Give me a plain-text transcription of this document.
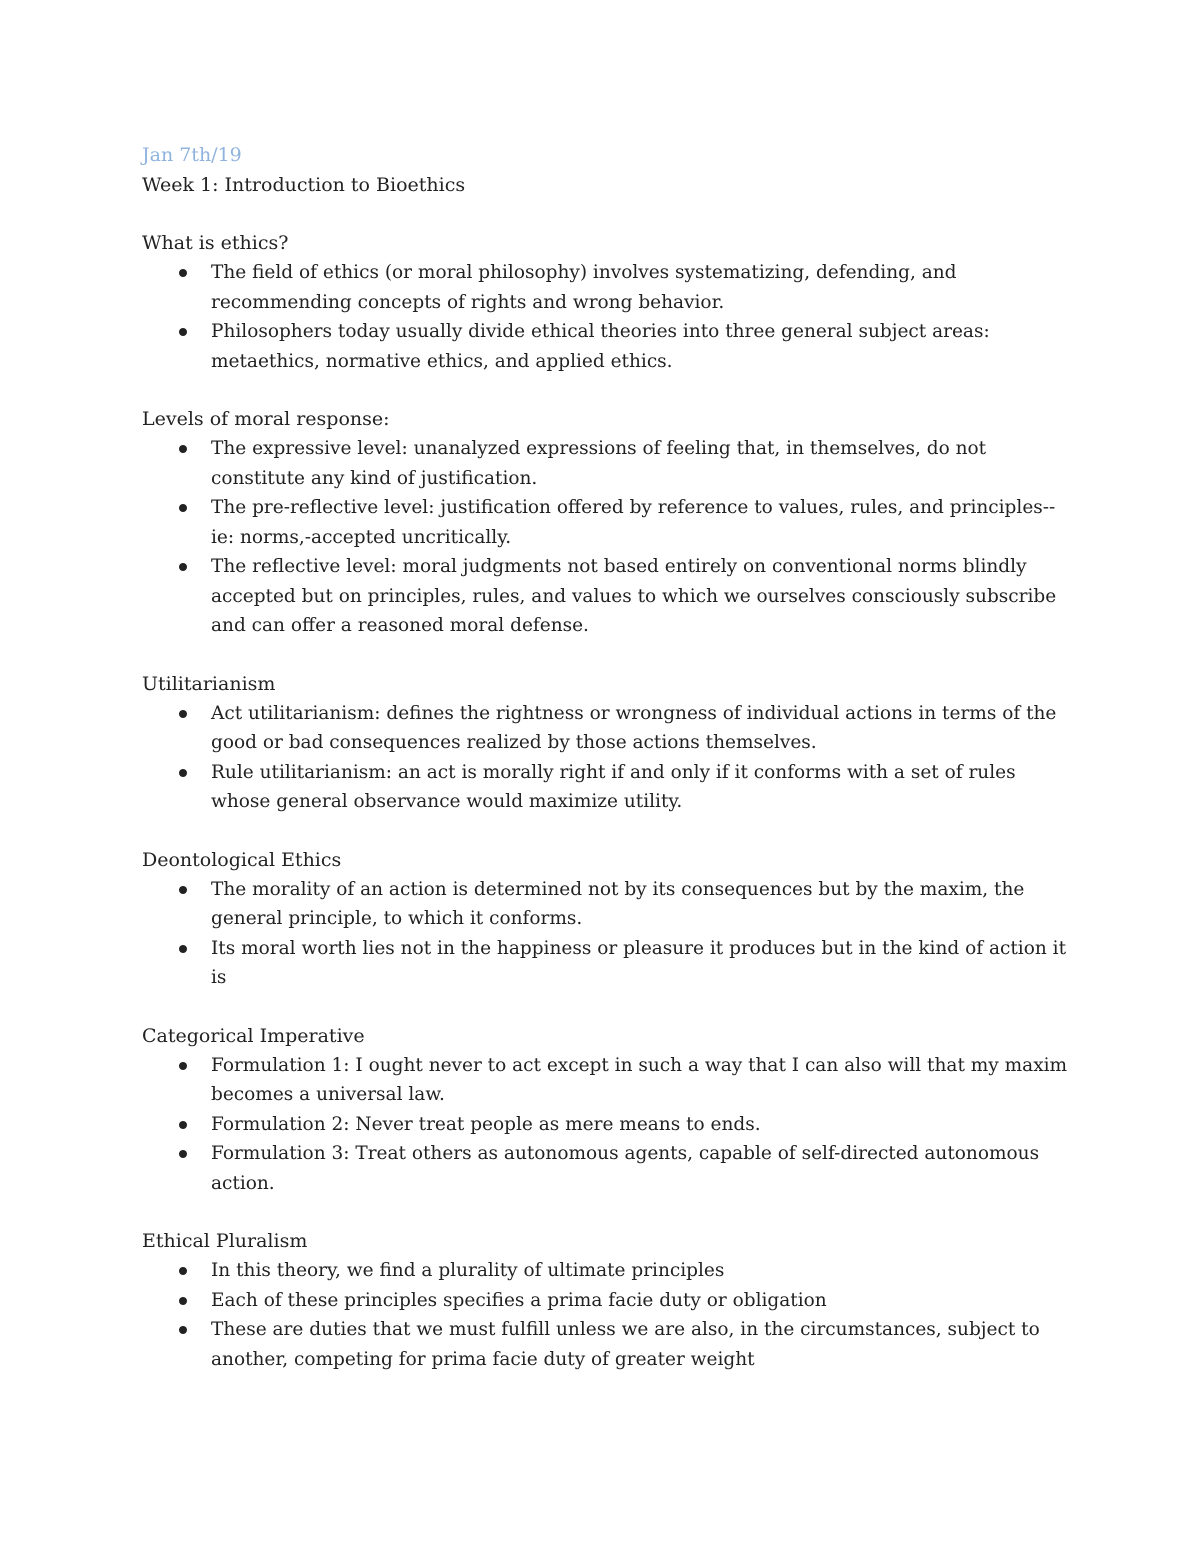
Jan 7th/19
Week 1: Introduction to Bioethics
What is ethics?
The field of ethics (or moral philosophy) involves systematizing, defending, and recommending concepts of rights and wrong behavior.
Philosophers today usually divide ethical theories into three general subject areas: metaethics, normative ethics, and applied ethics.
Levels of moral response:
The expressive level: unanalyzed expressions of feeling that, in themselves, do not constitute any kind of justification.
The pre-reflective level: justification offered by reference to values, rules, and principles--ie: norms,-accepted uncritically.
The reflective level: moral judgments not based entirely on conventional norms blindly accepted but on principles, rules, and values to which we ourselves consciously subscribe and can offer a reasoned moral defense.
Utilitarianism
Act utilitarianism: defines the rightness or wrongness of individual actions in terms of the good or bad consequences realized by those actions themselves.
Rule utilitarianism: an act is morally right if and only if it conforms with a set of rules whose general observance would maximize utility.
Deontological Ethics
The morality of an action is determined not by its consequences but by the maxim, the general principle, to which it conforms.
Its moral worth lies not in the happiness or pleasure it produces but in the kind of action it is
Categorical Imperative
Formulation 1: I ought never to act except in such a way that I can also will that my maxim becomes a universal law.
Formulation 2: Never treat people as mere means to ends.
Formulation 3: Treat others as autonomous agents, capable of self-directed autonomous action.
Ethical Pluralism
In this theory, we find a plurality of ultimate principles
Each of these principles specifies a prima facie duty or obligation
These are duties that we must fulfill unless we are also, in the circumstances, subject to another, competing for prima facie duty of greater weight
